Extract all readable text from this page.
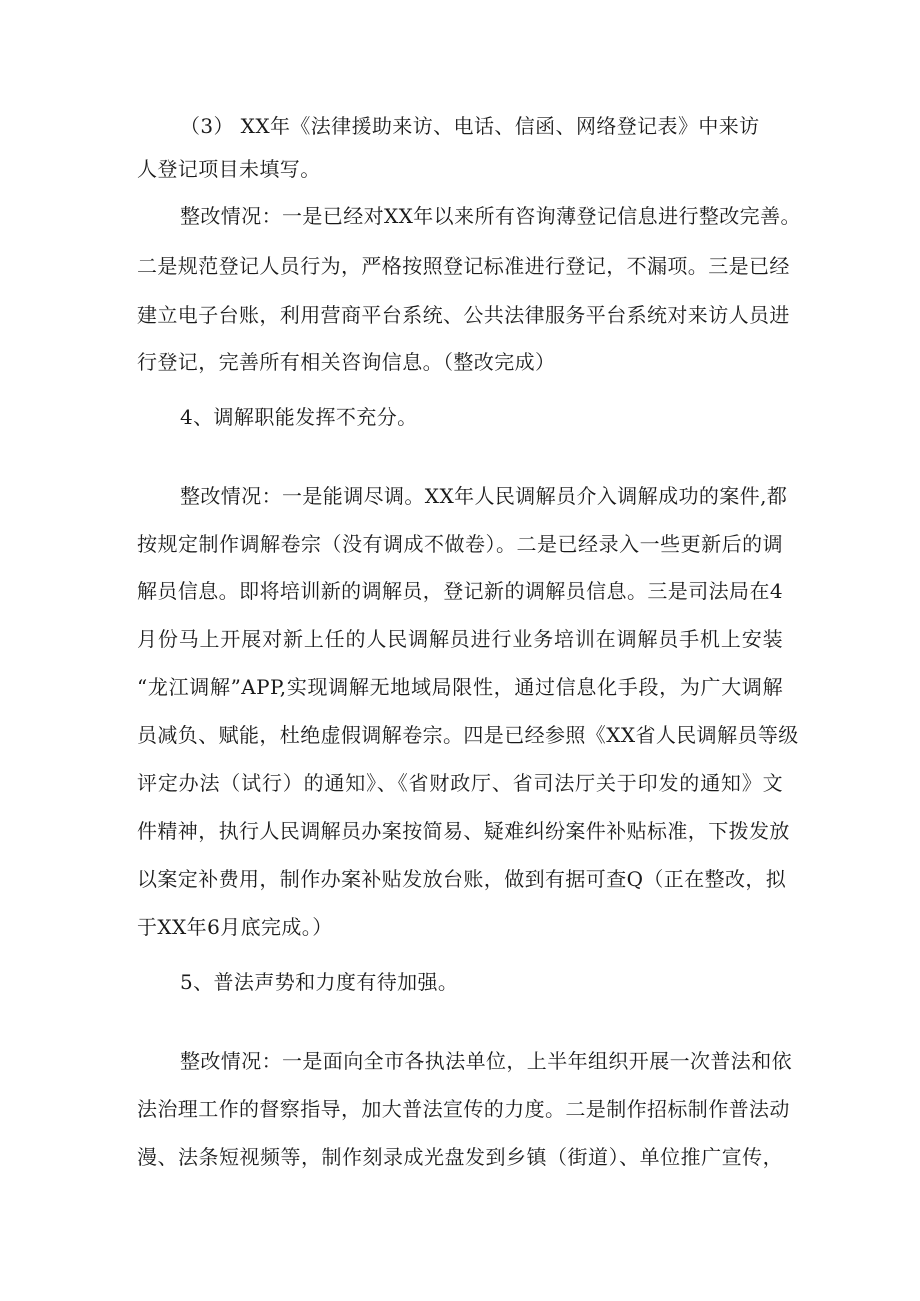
（3） XX年《法律援助来访、电话、信函、网络登记表》中来访
人登记项目未填写。
整改情况：一是已经对XX年以来所有咨询薄登记信息进行整改完善。
二是规范登记人员行为，严格按照登记标准进行登记，不漏项。三是已经
建立电子台账，利用营商平台系统、公共法律服务平台系统对来访人员进
行登记，完善所有相关咨询信息。（整改完成）
4、调解职能发挥不充分。
整改情况：一是能调尽调。XX年人民调解员介入调解成功的案件,都
按规定制作调解卷宗（没有调成不做卷）。二是已经录入一些更新后的调
解员信息。即将培训新的调解员，登记新的调解员信息。三是司法局在4
月份马上开展对新上任的人民调解员进行业务培训在调解员手机上安装
“龙江调解”APP,实现调解无地域局限性，通过信息化手段，为广大调解
员减负、赋能，杜绝虚假调解卷宗。四是已经参照《XX省人民调解员等级
评定办法（试行）的通知》、《省财政厅、省司法厅关于印发的通知》文
件精神，执行人民调解员办案按简易、疑难纠纷案件补贴标准，下拨发放
以案定补费用，制作办案补贴发放台账，做到有据可查Q（正在整改，拟
于XX年6月底完成。）
5、普法声势和力度有待加强。
整改情况：一是面向全市各执法单位，上半年组织开展一次普法和依
法治理工作的督察指导，加大普法宣传的力度。二是制作招标制作普法动
漫、法条短视频等，制作刻录成光盘发到乡镇（街道）、单位推广宣传，
